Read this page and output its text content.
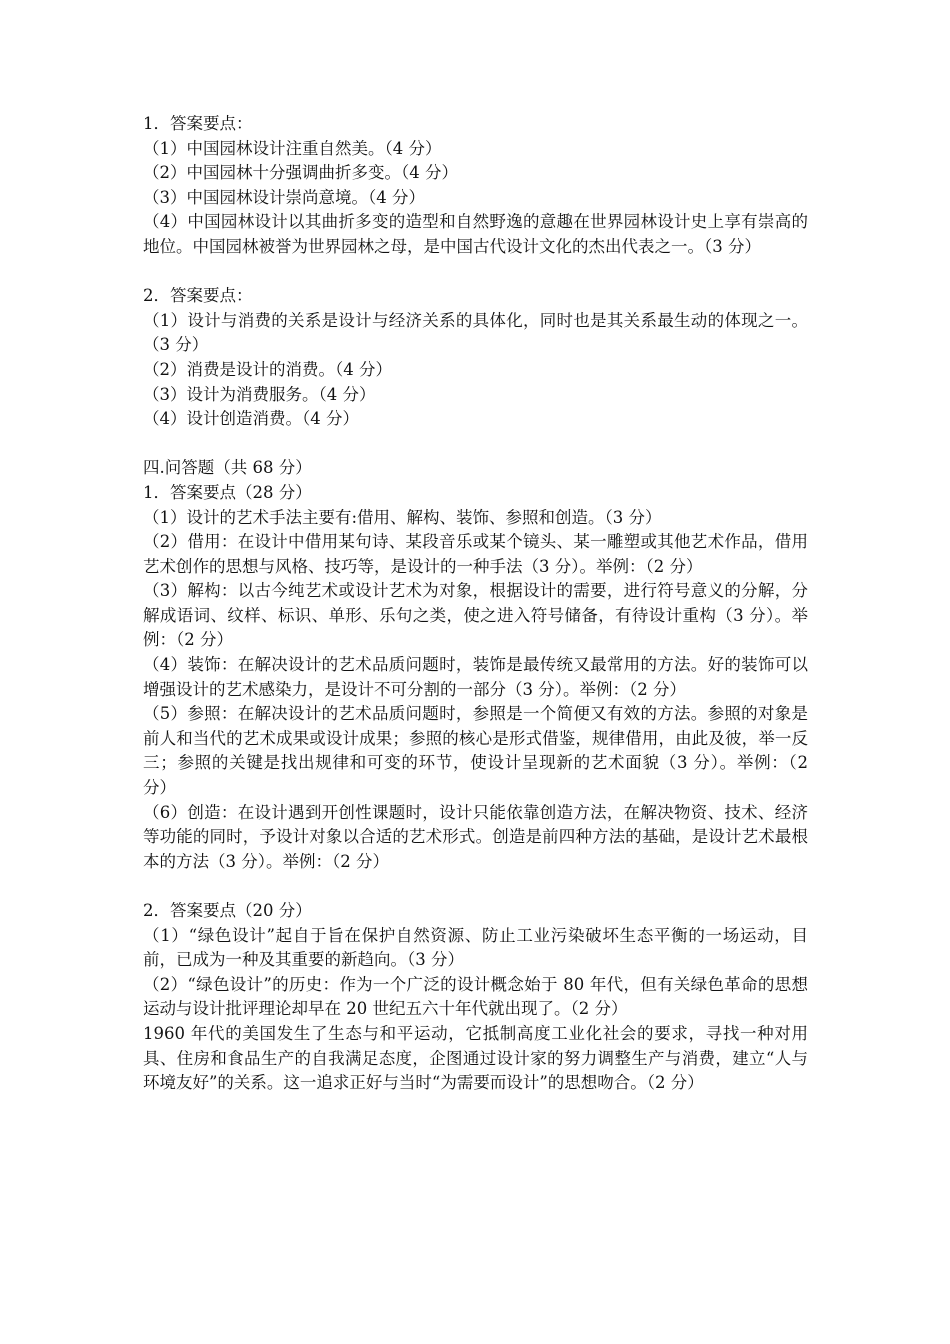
1．答案要点：

（1）中国园林设计注重自然美。（4 分）

（2）中国园林十分强调曲折多变。（4 分）

（3）中国园林设计崇尚意境。（4 分）

（4）中国园林设计以其曲折多变的造型和自然野逸的意趣在世界园林设计史上享有崇高的地位。中国园林被誉为世界园林之母，是中国古代设计文化的杰出代表之一。（3 分）

2．答案要点：

（1）设计与消费的关系是设计与经济关系的具体化，同时也是其关系最生动的体现之一。（3 分）

（2）消费是设计的消费。（4 分）

（3）设计为消费服务。（4 分）

（4）设计创造消费。（4 分）

四.问答题（共 68 分）

1．答案要点（28 分）

（1）设计的艺术手法主要有:借用、解构、装饰、参照和创造。（3 分）

（2）借用：在设计中借用某句诗、某段音乐或某个镜头、某一雕塑或其他艺术作品，借用艺术创作的思想与风格、技巧等，是设计的一种手法（3 分）。举例：（2 分）

（3）解构：以古今纯艺术或设计艺术为对象，根据设计的需要，进行符号意义的分解，分解成语词、纹样、标识、单形、乐句之类，使之进入符号储备，有待设计重构（3 分）。举例：（2 分）

（4）装饰：在解决设计的艺术品质问题时，装饰是最传统又最常用的方法。好的装饰可以增强设计的艺术感染力，是设计不可分割的一部分（3 分）。举例：（2 分）

（5）参照：在解决设计的艺术品质问题时，参照是一个简便又有效的方法。参照的对象是前人和当代的艺术成果或设计成果；参照的核心是形式借鉴，规律借用，由此及彼，举一反三；参照的关键是找出规律和可变的环节，使设计呈现新的艺术面貌（3 分）。举例：（2 分）

（6）创造：在设计遇到开创性课题时，设计只能依靠创造方法，在解决物资、技术、经济等功能的同时，予设计对象以合适的艺术形式。创造是前四种方法的基础，是设计艺术最根本的方法（3 分）。举例：（2 分）

2．答案要点（20 分）

（1）“绿色设计”起自于旨在保护自然资源、防止工业污染破坏生态平衡的一场运动，目前，已成为一种及其重要的新趋向。（3 分）

（2）“绿色设计”的历史：作为一个广泛的设计概念始于 80 年代，但有关绿色革命的思想运动与设计批评理论却早在 20 世纪五六十年代就出现了。（2 分）

1960 年代的美国发生了生态与和平运动，它抵制高度工业化社会的要求，寻找一种对用具、住房和食品生产的自我满足态度，企图通过设计家的努力调整生产与消费，建立“人与环境友好”的关系。这一追求正好与当时“为需要而设计”的思想吻合。（2 分）
